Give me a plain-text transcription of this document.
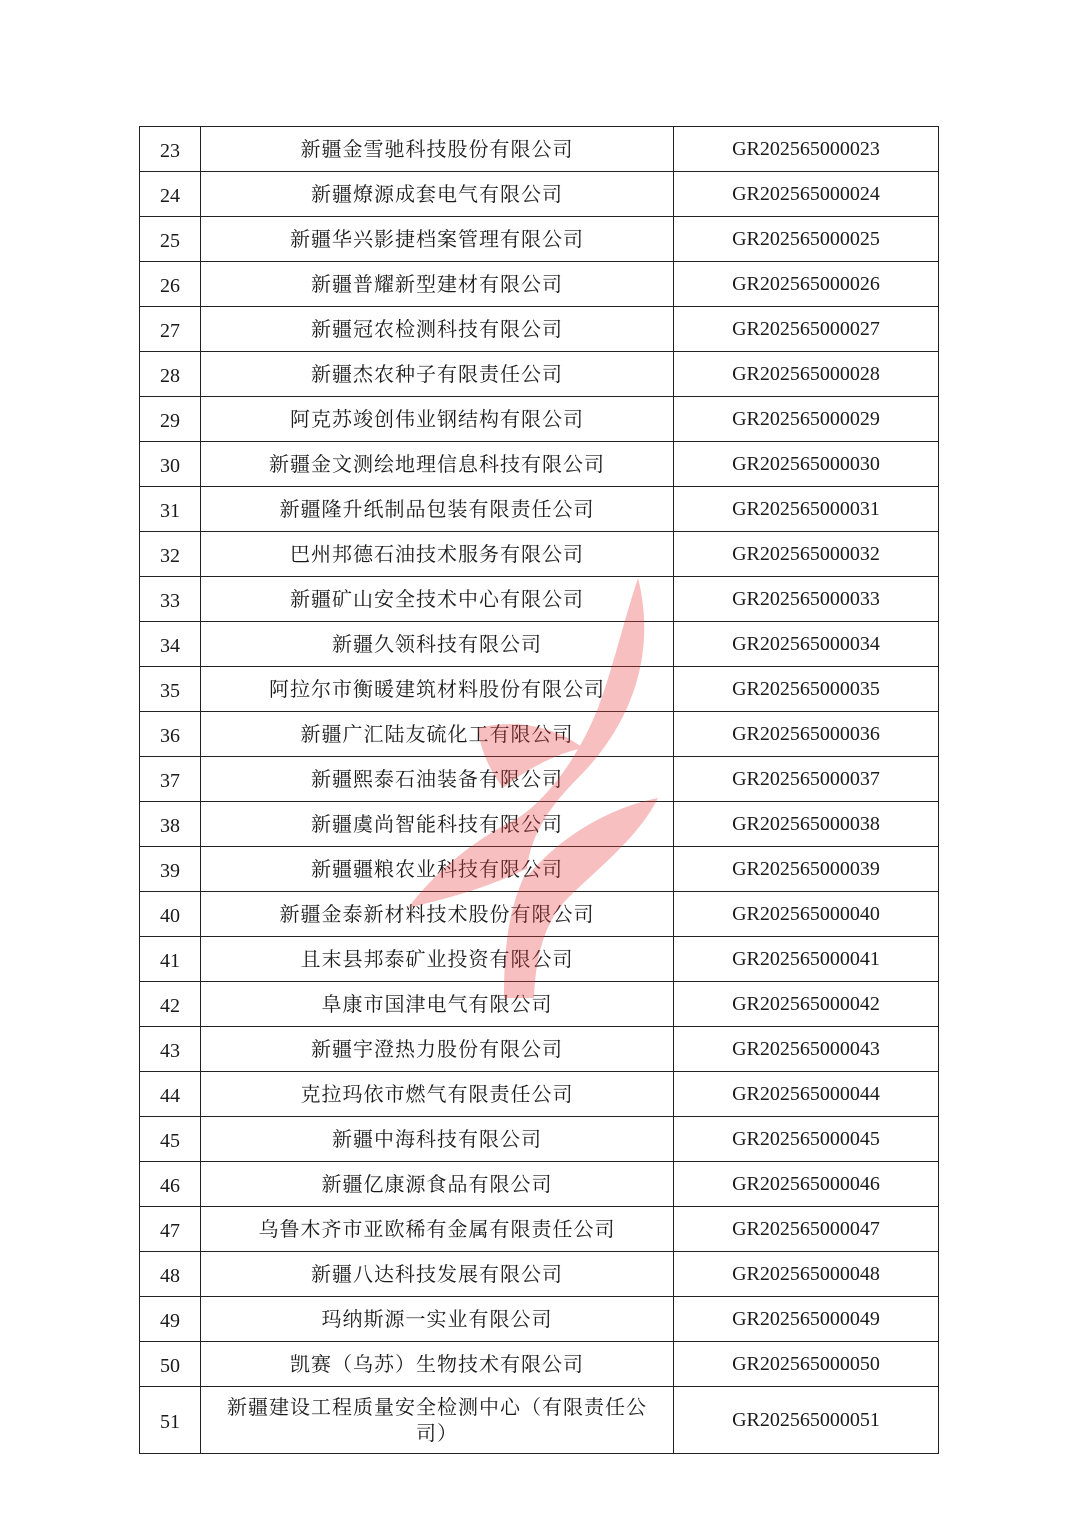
23	新疆金雪驰科技股份有限公司	GR202565000023
24	新疆燎源成套电气有限公司	GR202565000024
25	新疆华兴影捷档案管理有限公司	GR202565000025
26	新疆普耀新型建材有限公司	GR202565000026
27	新疆冠农检测科技有限公司	GR202565000027
28	新疆杰农种子有限责任公司	GR202565000028
29	阿克苏竣创伟业钢结构有限公司	GR202565000029
30	新疆金文测绘地理信息科技有限公司	GR202565000030
31	新疆隆升纸制品包装有限责任公司	GR202565000031
32	巴州邦德石油技术服务有限公司	GR202565000032
33	新疆矿山安全技术中心有限公司	GR202565000033
34	新疆久领科技有限公司	GR202565000034
35	阿拉尔市衡暖建筑材料股份有限公司	GR202565000035
36	新疆广汇陆友硫化工有限公司	GR202565000036
37	新疆熙泰石油装备有限公司	GR202565000037
38	新疆虞尚智能科技有限公司	GR202565000038
39	新疆疆粮农业科技有限公司	GR202565000039
40	新疆金泰新材料技术股份有限公司	GR202565000040
41	且末县邦泰矿业投资有限公司	GR202565000041
42	阜康市国津电气有限公司	GR202565000042
43	新疆宇澄热力股份有限公司	GR202565000043
44	克拉玛依市燃气有限责任公司	GR202565000044
45	新疆中海科技有限公司	GR202565000045
46	新疆亿康源食品有限公司	GR202565000046
47	乌鲁木齐市亚欧稀有金属有限责任公司	GR202565000047
48	新疆八达科技发展有限公司	GR202565000048
49	玛纳斯源一实业有限公司	GR202565000049
50	凯赛（乌苏）生物技术有限公司	GR202565000050
51	新疆建设工程质量安全检测中心（有限责任公司）	GR202565000051
